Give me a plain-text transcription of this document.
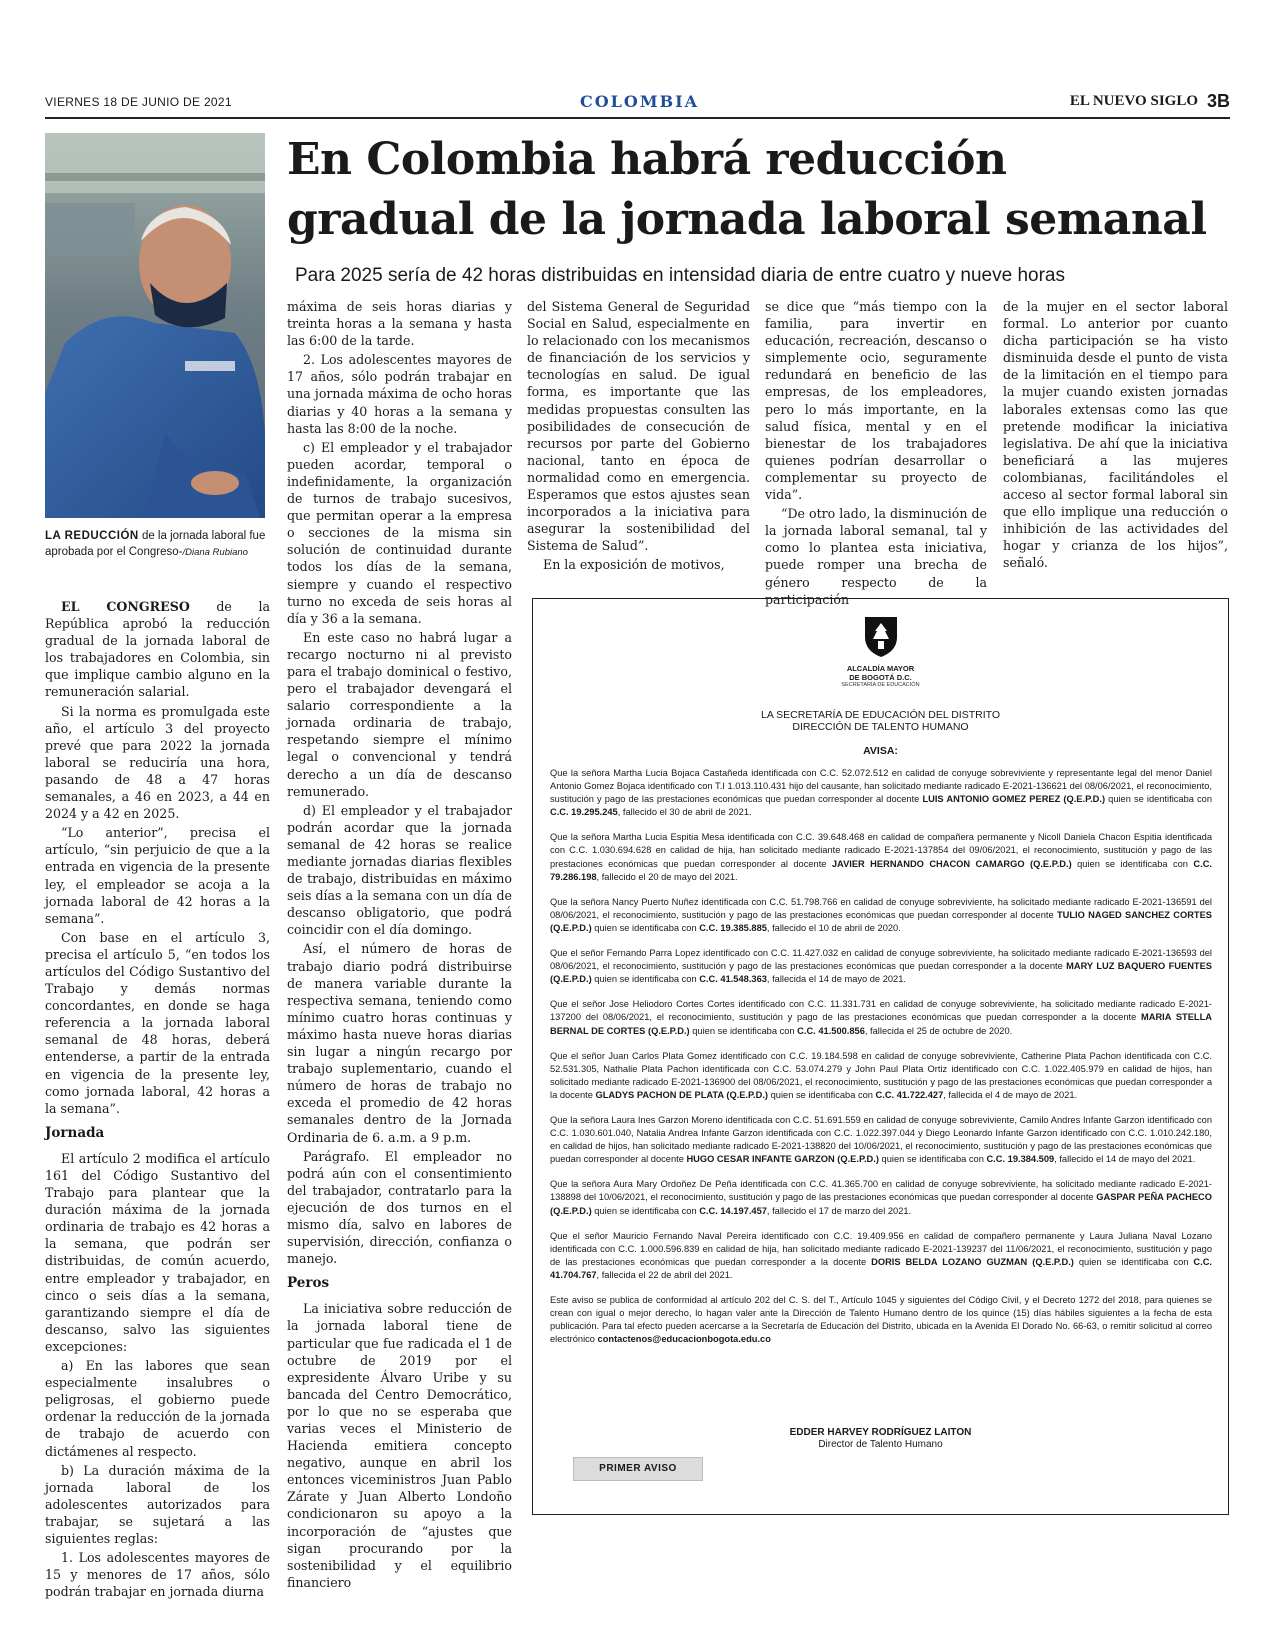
VIERNES 18 DE JUNIO DE 2021	COLOMBIA	EL NUEVO SIGLO 3B
LA REDUCCIÓN de la jornada laboral fue aprobada por el Congreso-/Diana Rubiano
En Colombia habrá reducción
gradual de la jornada laboral semanal
Para 2025 sería de 42 horas distribuidas en intensidad diaria de entre cuatro y nueve horas

EL CONGRESO de la República aprobó la reducción gradual de la jornada laboral de los trabajadores en Colombia, sin que implique cambio alguno en la remuneración salarial.

Si la norma es promulgada este año, el artículo 3 del proyecto prevé que para 2022 la jornada laboral se reduciría una hora, pasando de 48 a 47 horas semanales, a 46 en 2023, a 44 en 2024 y a 42 en 2025.

“Lo anterior”, precisa el artículo, “sin perjuicio de que a la entrada en vigencia de la presente ley, el empleador se acoja a la jornada laboral de 42 horas a la semana”.

Con base en el artículo 3, precisa el artículo 5, “en todos los artículos del Código Sustantivo del Trabajo y demás normas concordantes, en donde se haga referencia a la jornada laboral semanal de 48 horas, deberá entenderse, a partir de la entrada en vigencia de la presente ley, como jornada laboral, 42 horas a la semana”.

Jornada

El artículo 2 modifica el artículo 161 del Código Sustantivo del Trabajo para plantear que la duración máxima de la jornada ordinaria de trabajo es 42 horas a la semana, que podrán ser distribuidas, de común acuerdo, entre empleador y trabajador, en cinco o seis días a la semana, garantizando siempre el día de descanso, salvo las siguientes excepciones:

a) En las labores que sean especialmente insalubres o peligrosas, el gobierno puede ordenar la reducción de la jornada de trabajo de acuerdo con dictámenes al respecto.

b) La duración máxima de la jornada laboral de los adolescentes autorizados para trabajar, se sujetará a las siguientes reglas:

1. Los adolescentes mayores de 15 y menores de 17 años, sólo podrán trabajar en jornada diurna

máxima de seis horas diarias y treinta horas a la semana y hasta las 6:00 de la tarde.

2. Los adolescentes mayores de 17 años, sólo podrán trabajar en una jornada máxima de ocho horas diarias y 40 horas a la semana y hasta las 8:00 de la noche.

c) El empleador y el trabajador pueden acordar, temporal o indefinidamente, la organización de turnos de trabajo sucesivos, que permitan operar a la empresa o secciones de la misma sin solución de continuidad durante todos los días de la semana, siempre y cuando el respectivo turno no exceda de seis horas al día y 36 a la semana.

En este caso no habrá lugar a recargo nocturno ni al previsto para el trabajo dominical o festivo, pero el trabajador devengará el salario correspondiente a la jornada ordinaria de trabajo, respetando siempre el mínimo legal o convencional y tendrá derecho a un día de descanso remunerado.

d) El empleador y el trabajador podrán acordar que la jornada semanal de 42 horas se realice mediante jornadas diarias flexibles de trabajo, distribuidas en máximo seis días a la semana con un día de descanso obligatorio, que podrá coincidir con el día domingo.

Así, el número de horas de trabajo diario podrá distribuirse de manera variable durante la respectiva semana, teniendo como mínimo cuatro horas continuas y máximo hasta nueve horas diarias sin lugar a ningún recargo por trabajo suplementario, cuando el número de horas de trabajo no exceda el promedio de 42 horas semanales dentro de la Jornada Ordinaria de 6. a.m. a 9 p.m.

Parágrafo. El empleador no podrá aún con el consentimiento del trabajador, contratarlo para la ejecución de dos turnos en el mismo día, salvo en labores de supervisión, dirección, confianza o manejo.

Peros

La iniciativa sobre reducción de la jornada laboral tiene de particular que fue radicada el 1 de octubre de 2019 por el expresidente Álvaro Uribe y su bancada del Centro Democrático, por lo que no se esperaba que varias veces el Ministerio de Hacienda emitiera concepto negativo, aunque en abril los entonces viceministros Juan Pablo Zárate y Juan Alberto Londoño condicionaron su apoyo a la incorporación de “ajustes que sigan procurando por la sostenibilidad y el equilibrio financiero

del Sistema General de Seguridad Social en Salud, especialmente en lo relacionado con los mecanismos de financiación de los servicios y tecnologías en salud. De igual forma, es importante que las medidas propuestas consulten las posibilidades de consecución de recursos por parte del Gobierno nacional, tanto en época de normalidad como en emergencia. Esperamos que estos ajustes sean incorporados a la iniciativa para asegurar la sostenibilidad del Sistema de Salud”.

En la exposición de motivos,

se dice que “más tiempo con la familia, para invertir en educación, recreación, descanso o simplemente ocio, seguramente redundará en beneficio de las empresas, de los empleadores, pero lo más importante, en la salud física, mental y en el bienestar de los trabajadores quienes podrían desarrollar o complementar su proyecto de vida”.

“De otro lado, la disminución de la jornada laboral semanal, tal y como lo plantea esta iniciativa, puede romper una brecha de género respecto de la participación

de la mujer en el sector laboral formal. Lo anterior por cuanto dicha participación se ha visto disminuida desde el punto de vista de la limitación en el tiempo para la mujer cuando existen jornadas laborales extensas como las que pretende modificar la iniciativa legislativa. De ahí que la iniciativa beneficiará a las mujeres colombianas, facilitándoles el acceso al sector formal laboral sin que ello implique una reducción o inhibición de las actividades del hogar y crianza de los hijos”, señaló.

ALCALDÍA MAYOR
DE BOGOTÁ D.C.
SECRETARÍA DE EDUCACIÓN
LA SECRETARÍA DE EDUCACIÓN DEL DISTRITO
DIRECCIÓN DE TALENTO HUMANO
AVISA:

Que la señora Martha Lucia Bojaca Castañeda identificada con C.C. 52.072.512 en calidad de conyuge sobreviviente y representante legal del menor Daniel Antonio Gomez Bojaca identificado con T.I 1.013.110.431 hijo del causante, han solicitado mediante radicado E-2021-136621 del 08/06/2021, el reconocimiento, sustitución y pago de las prestaciones económicas que puedan corresponder al docente LUIS ANTONIO GOMEZ PEREZ (Q.E.P.D.) quien se identificaba con C.C. 19.295.245, fallecido el 30 de abril de 2021.

Que la señora Martha Lucia Espitia Mesa identificada con C.C. 39.648.468 en calidad de compañera permanente y Nicoll Daniela Chacon Espitia identificada con C.C. 1.030.694.628 en calidad de hija, han solicitado mediante radicado E-2021-137854 del 09/06/2021, el reconocimiento, sustitución y pago de las prestaciones económicas que puedan corresponder al docente JAVIER HERNANDO CHACON CAMARGO (Q.E.P.D.) quien se identificaba con C.C. 79.286.198, fallecido el 20 de mayo del 2021.

Que la señora Nancy Puerto Nuñez identificada con C.C. 51.798.766 en calidad de conyuge sobreviviente, ha solicitado mediante radicado E-2021-136591 del 08/06/2021, el reconocimiento, sustitución y pago de las prestaciones económicas que puedan corresponder al docente TULIO NAGED SANCHEZ CORTES (Q.E.P.D.) quien se identificaba con C.C. 19.385.885, fallecido el 10 de abril de 2020.

Que el señor Fernando Parra Lopez identificado con C.C. 11.427.032 en calidad de conyuge sobreviviente, ha solicitado mediante radicado E-2021-136593 del 08/06/2021, el reconocimiento, sustitución y pago de las prestaciones económicas que puedan corresponder a la docente MARY LUZ BAQUERO FUENTES (Q.E.P.D.) quien se identificaba con C.C. 41.548.363, fallecida el 14 de mayo de 2021.

Que el señor Jose Heliodoro Cortes Cortes identificado con C.C. 11.331.731 en calidad de conyuge sobreviviente, ha solicitado mediante radicado E-2021-137200 del 08/06/2021, el reconocimiento, sustitución y pago de las prestaciones económicas que puedan corresponder a la docente MARIA STELLA BERNAL DE CORTES (Q.E.P.D.) quien se identificaba con C.C. 41.500.856, fallecida el 25 de octubre de 2020.

Que el señor Juan Carlos Plata Gomez identificado con C.C. 19.184.598 en calidad de conyuge sobreviviente, Catherine Plata Pachon identificada con C.C. 52.531.305, Nathalie Plata Pachon identificada con C.C. 53.074.279 y John Paul Plata Ortiz identificado con C.C. 1.022.405.979 en calidad de hijos, han solicitado mediante radicado E-2021-136900 del 08/06/2021, el reconocimiento, sustitución y pago de las prestaciones económicas que puedan corresponder a la docente GLADYS PACHON DE PLATA (Q.E.P.D.) quien se identificaba con C.C. 41.722.427, fallecida el 4 de mayo de 2021.

Que la señora Laura Ines Garzon Moreno identificada con C.C. 51.691.559 en calidad de conyuge sobreviviente, Camilo Andres Infante Garzon identificado con C.C. 1.030.601.040, Natalia Andrea Infante Garzon identificada con C.C. 1.022.397.044 y Diego Leonardo Infante Garzon identificado con C.C. 1.010.242.180, en calidad de hijos, han solicitado mediante radicado E-2021-138820 del 10/06/2021, el reconocimiento, sustitución y pago de las prestaciones económicas que puedan corresponder al docente HUGO CESAR INFANTE GARZON (Q.E.P.D.) quien se identificaba con C.C. 19.384.509, fallecido el 14 de mayo del 2021.

Que la señora Aura Mary Ordoñez De Peña identificada con C.C. 41.365.700 en calidad de conyuge sobreviviente, ha solicitado mediante radicado E-2021-138898 del 10/06/2021, el reconocimiento, sustitución y pago de las prestaciones económicas que puedan corresponder al docente GASPAR PEÑA PACHECO (Q.E.P.D.) quien se identificaba con C.C. 14.197.457, fallecido el 17 de marzo del 2021.

Que el señor Mauricio Fernando Naval Pereira identificado con C.C. 19.409.956 en calidad de compañero permanente y Laura Juliana Naval Lozano identificada con C.C. 1.000.596.839 en calidad de hija, han solicitado mediante radicado E-2021-139237 del 11/06/2021, el reconocimiento, sustitución y pago de las prestaciones económicas que puedan corresponder a la docente DORIS BELDA LOZANO GUZMAN (Q.E.P.D.) quien se identificaba con C.C. 41.704.767, fallecida el 22 de abril del 2021.

Este aviso se publica de conformidad al artículo 202 del C. S. del T., Artículo 1045 y siguientes del Código Civil, y el Decreto 1272 del 2018, para quienes se crean con igual o mejor derecho, lo hagan valer ante la Dirección de Talento Humano dentro de los quince (15) días hábiles siguientes a la fecha de esta publicación. Para tal efecto pueden acercarse a la Secretaría de Educación del Distrito, ubicada en la Avenida El Dorado No. 66-63, o remitir solicitud al correo electrónico contactenos@educacionbogota.edu.co

EDDER HARVEY RODRÍGUEZ LAITON
Director de Talento Humano
PRIMER AVISO
